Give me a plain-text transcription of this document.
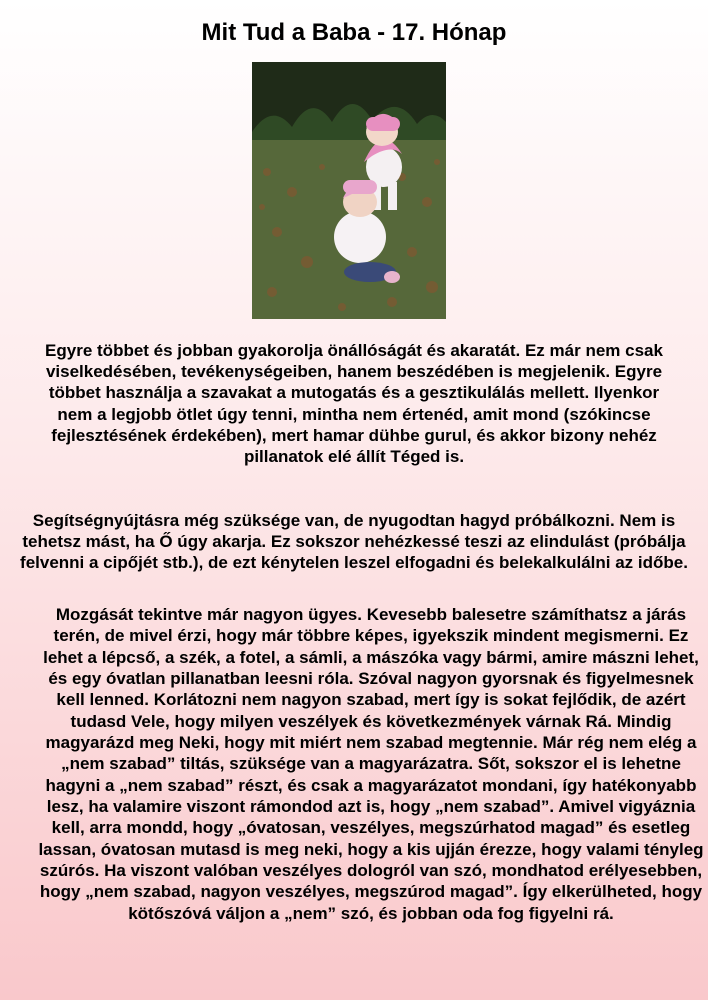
Mit Tud a Baba - 17. Hónap

Egyre többet és jobban gyakorolja önállóságát és akaratát. Ez már nem csak viselkedésében, tevékenységeiben, hanem beszédében is megjelenik. Egyre többet használja a szavakat a mutogatás és a gesztikulálás mellett. Ilyenkor nem a legjobb ötlet úgy tenni, mintha nem értenéd, amit mond (szókincse fejlesztésének érdekében), mert hamar dühbe gurul, és akkor bizony nehéz pillanatok elé állít Téged is.

Segítségnyújtásra még szüksége van, de nyugodtan hagyd próbálkozni. Nem is tehetsz mást, ha Ő úgy akarja. Ez sokszor nehézkessé teszi az elindulást (próbálja felvenni a cipőjét stb.), de ezt kénytelen leszel elfogadni és belekalkulálni az időbe.

Mozgását tekintve már nagyon ügyes. Kevesebb balesetre számíthatsz a járás terén, de mivel érzi, hogy már többre képes, igyekszik mindent megismerni. Ez lehet a lépcső, a szék, a fotel, a sámli, a mászóka vagy bármi, amire mászni lehet, és egy óvatlan pillanatban leesni róla. Szóval nagyon gyorsnak és figyelmesnek kell lenned. Korlátozni nem nagyon szabad, mert így is sokat fejlődik, de azért tudasd Vele, hogy milyen veszélyek és következmények várnak Rá. Mindig magyarázd meg Neki, hogy mit miért nem szabad megtennie. Már rég nem elég a „nem szabad” tiltás, szüksége van a magyarázatra. Sőt, sokszor el is lehetne hagyni a „nem szabad” részt, és csak a magyarázatot mondani, így hatékonyabb lesz, ha valamire viszont rámondod azt is, hogy „nem szabad”. Amivel vigyáznia kell, arra mondd, hogy „óvatosan, veszélyes, megszúrhatod magad” és esetleg lassan, óvatosan mutasd is meg neki, hogy a kis ujján érezze, hogy valami tényleg szúrós. Ha viszont valóban veszélyes dologról van szó, mondhatod erélyesebben, hogy „nem szabad, nagyon veszélyes, megszúrod magad”. Így elkerülheted, hogy kötőszóvá váljon a „nem” szó, és jobban oda fog figyelni rá.
